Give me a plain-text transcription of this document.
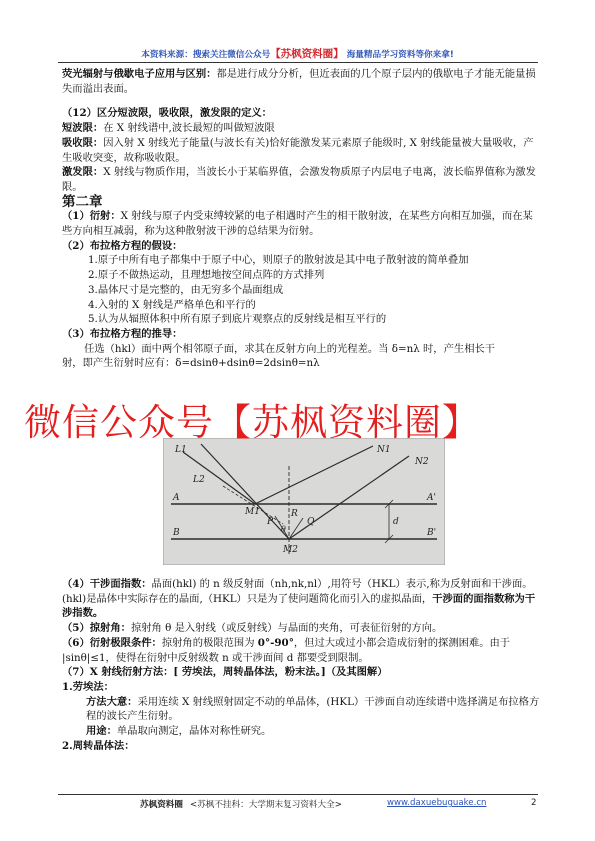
本资料来源：搜索关注微信公众号【苏枫资料圈】 海量精品学习资料等你来拿!

荧光辐射与俄歇电子应用与区别：都是进行成分分析，但近表面的几个原子层内的俄歇电子才能无能量损失而溢出表面。

（12）区分短波限，吸收限，激发限的定义：

短波限：在 X 射线谱中,波长最短的叫做短波限

吸收限：因入射 X 射线光子能量(与波长有关)恰好能激发某元素原子能级时, X 射线能量被大量吸收，产生吸收突变，故称吸收限。

激发限：X 射线与物质作用，当波长小于某临界值，会激发物质原子内层电子电离，波长临界值称为激发限。

第二章

（1）衍射：X 射线与原子内受束缚较紧的电子相遇时产生的相干散射波，在某些方向相互加强，而在某些方向相互减弱，称为这种散射波干涉的总结果为衍射。

（2）布拉格方程的假设：

1.原子中所有电子都集中于原子中心，则原子的散射波是其中电子散射波的简单叠加

2.原子不做热运动，且理想地按空间点阵的方式排列

3.晶体尺寸是完整的，由无穷多个晶面组成

4.入射的 X 射线是严格单色和平行的

5.认为从辐照体积中所有原子到底片观察点的反射线是相互平行的

（3）布拉格方程的推导：

任选（hkl）面中两个相邻原子面，求其在反射方向上的光程差。当 δ=nλ 时，产生相长干

射，即产生衍射时应有：δ=dsinθ+dsinθ=2dsinθ=nλ

L1
L2
N1
N2
A	A'
B	B'
M1
M2
P	Q
R
d
θ
微信公众号【苏枫资料圈】

（4）干涉面指数：晶面(hkl) 的 n 级反射面（nh,nk,nl）,用符号（HKL）表示,称为反射面和干涉面。(hkl)是晶体中实际存在的晶面,（HKL）只是为了使问题简化而引入的虚拟晶面，干涉面的面指数称为干涉指数。

（5）掠射角：掠射角 θ 是入射线（或反射线）与晶面的夹角，可表征衍射的方向。

（6）衍射极限条件：掠射角的极限范围为 0°-90°，但过大或过小都会造成衍射的探测困难。由于 |sinθ|≤1，使得在衍射中反射级数 n 或干涉面间 d 都要受到限制。

（7）X 射线衍射方法：[ 劳埃法，周转晶体法，粉末法。]（及其图解）

1.劳埃法：

方法大意：采用连续 X 射线照射固定不动的单晶体，(HKL）干涉面自动连续谱中选择满足布拉格方程的波长产生衍射。

用途：单晶取向测定，晶体对称性研究。

2.周转晶体法：

苏枫资料圈 <苏枫不挂科：大学期末复习资料大全>	www.daxuebuguake.cn	2
